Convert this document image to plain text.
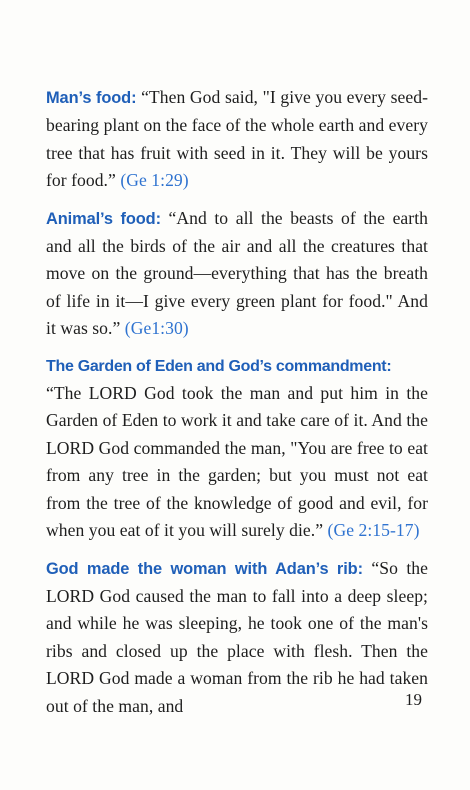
Man’s food: “Then God said, "I give you every seed-bearing plant on the face of the whole earth and every tree that has fruit with seed in it. They will be yours for food.” (Ge 1:29)

Animal’s food: “And to all the beasts of the earth and all the birds of the air and all the creatures that move on the ground—everything that has the breath of life in it—I give every green plant for food." And it was so.” (Ge1:30)

The Garden of Eden and God’s commandment:
“The LORD God took the man and put him in the Garden of Eden to work it and take care of it. And the LORD God commanded the man, "You are free to eat from any tree in the garden; but you must not eat from the tree of the knowledge of good and evil, for when you eat of it you will surely die.” (Ge 2:15-17)

God made the woman with Adan’s rib: “So the LORD God caused the man to fall into a deep sleep; and while he was sleeping, he took one of the man's ribs and closed up the place with flesh. Then the LORD God made a woman from the rib he had taken out of the man, and	19
